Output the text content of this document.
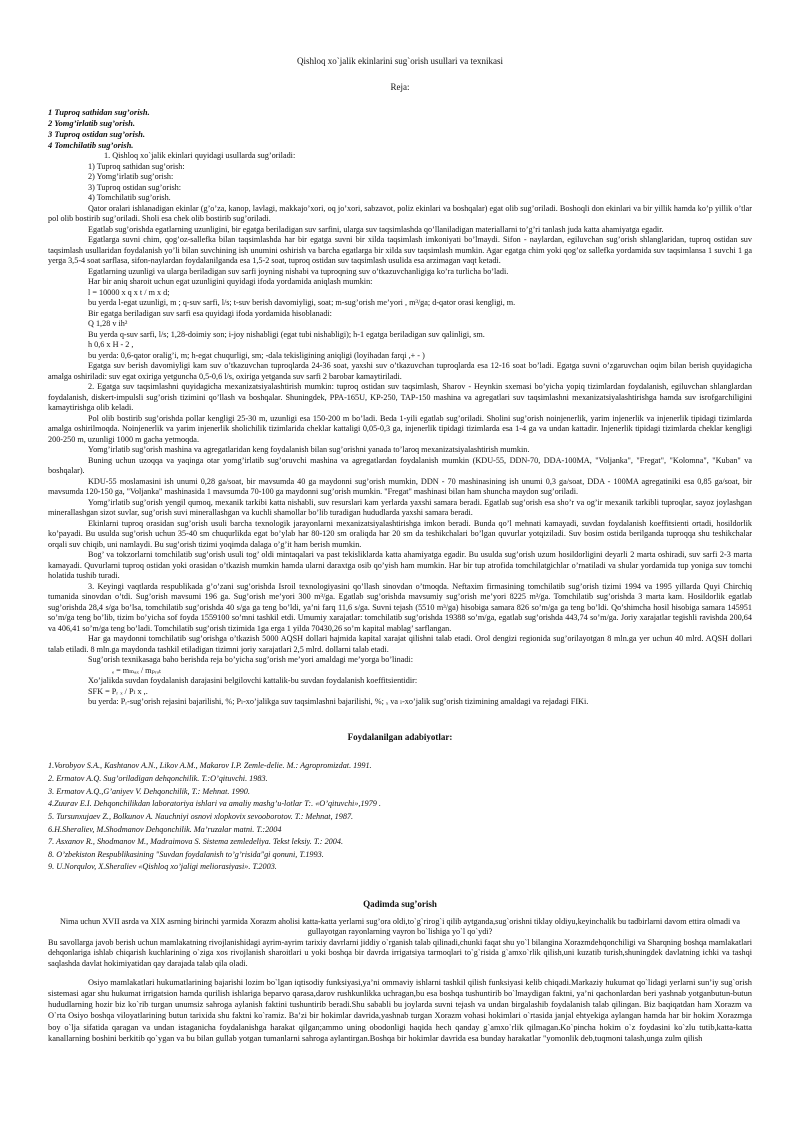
Qishloq xo`jalik ekinlarini sug`orish usullari va texnikasi
Reja:
1 Tuproq sathidan sug’orish.
2 Yomg’irlatib sug’orish.
3 Tuproq ostidan sug’orish.
4 Tomchilatib sug’orish.

1. Qishloq xo`jalik ekinlari quyidagi usullarda sug’oriladi:

1) Tuproq sathidan sug’orish:

2) Yomg’irlatib sug’orish:

3) Tuproq ostidan sug’orish:

4) Tomchilatib sug’orish.

Qator oralari ishlanadigan ekinlar (g’o’za, kanop, lavlagi, makkajo’xori, oq jo’xori, sabzavot, poliz ekinlari va boshqalar) egat olib sug’oriladi. Boshoqli don ekinlari va bir yillik hamda ko’p yillik o’tlar pol olib bostirib sug’oriladi. Sholi esa chek olib bostirib sug’oriladi.

Egatlab sug’orishda egatlarning uzunligini, bir egatga beriladigan suv sarfini, ularga suv taqsimlashda qo’llaniladigan materiallarni to’g’ri tanlash juda katta ahamiyatga egadir.

Egatlarga suvni chim, qog’oz-sallefka bilan taqsimlashda har bir egatga suvni bir xilda taqsimlash imkoniyati bo’lmaydi. Sifon - naylardan, egiluvchan sug’orish shlanglaridan, tuproq ostidan suv taqsimlash usullaridan foydalanish yo’li bilan suvchining ish unumini oshirish va barcha egatlarga bir xilda suv taqsimlash mumkin. Agar egatga chim yoki qog’oz sallefka yordamida suv taqsimlansa 1 suvchi 1 ga yerga 3,5-4 soat sarflasa, sifon-naylardan foydalanilganda esa 1,5-2 soat, tuproq ostidan suv taqsimlash usulida esa arzimagan vaqt ketadi.

Egatlarning uzunligi va ularga beriladigan suv sarfi joyning nishabi va tuproqning suv o’tkazuvchanligiga ko’ra turlicha bo’ladi.

Har bir aniq sharoit uchun egat uzunligini quyidagi ifoda yordamida aniqlash mumkin:

l = 10000 x q x t / m x d;

bu yerda l-egat uzunligi, m ; q-suv sarfi, l/s; t-suv berish davomiyligi, soat; m-sug’orish me’yori , m³/ga; d-qator orasi kengligi, m.

Bir egatga beriladigan suv sarfi esa quyidagi ifoda yordamida hisoblanadi:

Q 1,28 v ih²

Bu yerda q-suv sarfi, l/s; 1,28-doimiy son; i-joy nishabligi (egat tubi nishabligi); h-1 egatga beriladigan suv qalinligi, sm.

h 0,6 x H - 2 ,

bu yerda: 0,6-qator oralig’i, m; h-egat chuqurligi, sm; -dala tekisligining aniqligi (loyihadan farqi ,+ - )

Egatga suv berish davomiyligi kam suv o’tkazuvchan tuproqlarda 24-36 soat, yaxshi suv o’tkazuvchan tuproqlarda esa 12-16 soat bo’ladi. Egatga suvni o’zgaruvchan oqim bilan berish quyidagicha amalga oshiriladi: suv egat oxiriga yetguncha 0,5-0,6 l/s, oxiriga yetganda suv sarfi 2 barobar kamaytiriladi.

2. Egatga suv taqsimlashni quyidagicha mexanizatsiyalashtirish mumkin: tuproq ostidan suv taqsimlash, Sharov - Heynkin sxemasi bo’yicha yopiq tizimlardan foydalanish, egiluvchan shlanglardan foydalanish, diskert-impulsli sug’orish tizimini qo’llash va boshqalar. Shuningdek, PPA-165U, KP-250, TAP-150 mashina va agregatlari suv taqsimlashni mexanizatsiyalashtirishga hamda suv isrofgarchiligini kamaytirishga olib keladi.

Pol olib bostirib sug’orishda pollar kengligi 25-30 m, uzunligi esa 150-200 m bo’ladi. Beda 1-yili egatlab sug’oriladi. Sholini sug’orish noinjenerlik, yarim injenerlik va injenerlik tipidagi tizimlarda amalga oshirilmoqda. Noinjenerlik va yarim injenerlik sholichilik tizimlarida cheklar kattaligi 0,05-0,3 ga, injenerlik tipidagi tizimlarda esa 1-4 ga va undan kattadir. Injenerlik tipidagi tizimlarda cheklar kengligi 200-250 m, uzunligi 1000 m gacha yetmoqda.

Yomg’irlatib sug’orish mashina va agregatlaridan keng foydalanish bilan sug’orishni yanada to’laroq mexanizatsiyalashtirish mumkin.

Buning uchun uzoqqa va yaqinga otar yomg’irlatib sug’oruvchi mashina va agregatlardan foydalanish mumkin (KDU-55, DDN-70, DDA-100MA, "Voljanka", "Fregat", "Kolomna", "Kuban" va boshqalar).

KDU-55 moslamasini ish unumi 0,28 ga/soat, bir mavsumda 40 ga maydonni sug’orish mumkin, DDN - 70 mashinasining ish unumi 0,3 ga/soat, DDA - 100MA agregatiniki esa 0,85 ga/soat, bir mavsumda 120-150 ga, "Voljanka" mashinasida 1 mavsumda 70-100 ga maydonni sug’orish mumkin. "Fregat" mashinasi bilan ham shuncha maydon sug’oriladi.

Yomg’irlatib sug’orish yengil qumoq, mexanik tarkibi katta nishabli, suv resurslari kam yerlarda yaxshi samara beradi. Egatlab sug’orish esa sho’r va og’ir mexanik tarkibli tuproqlar, sayoz joylashgan minerallashgan sizot suvlar, sug’orish suvi minerallashgan va kuchli shamollar bo’lib turadigan hududlarda yaxshi samara beradi.

Ekinlarni tuproq orasidan sug’orish usuli barcha texnologik jarayonlarni mexanizatsiyalashtirishga imkon beradi. Bunda qo’l mehnati kamayadi, suvdan foydalanish koeffitsienti ortadi, hosildorlik ko’payadi. Bu usulda sug’orish uchun 35-40 sm chuqurlikda egat bo’ylab har 80-120 sm oraliqda har 20 sm da teshikchalari bo’lgan quvurlar yotqiziladi. Suv bosim ostida berilganda tuproqqa shu teshikchalar orqali suv chiqib, uni namlaydi. Bu sug’orish tizimi yoqimda dalaga o’g’it ham berish mumkin.

Bog’ va tokzorlarni tomchilatib sug’orish usuli tog’ oldi mintaqalari va past tekisliklarda katta ahamiyatga egadir. Bu usulda sug’orish uzum hosildorligini deyarli 2 marta oshiradi, suv sarfi 2-3 marta kamayadi. Quvurlarni tuproq ostidan yoki orasidan o’tkazish mumkin hamda ularni daraxtga osib qo’yish ham mumkin. Har bir tup atrofida tomchilatgichlar o’rnatiladi va shular yordamida tup yoniga suv tomchi holatida tushib turadi.

3. Keyingi vaqtlarda respublikada g’o’zani sug’orishda Isroil texnologiyasini qo’llash sinovdan o’tmoqda. Neftaxim firmasining tomchilatib sug’orish tizimi 1994 va 1995 yillarda Quyi Chirchiq tumanida sinovdan o’tdi. Sug’orish mavsumi 196 ga. Sug’orish me’yori 300 m³/ga. Egatlab sug’orishda mavsumiy sug’orish me’yori 8225 m³/ga. Tomchilatib sug’orishda 3 marta kam. Hosildorlik egatlab sug’orishda 28,4 s/ga bo’lsa, tomchilatib sug’orishda 40 s/ga ga teng bo’ldi, ya’ni farq 11,6 s/ga. Suvni tejash (5510 m³/ga) hisobiga samara 826 so’m/ga ga teng bo’ldi. Qo’shimcha hosil hisobiga samara 145951 so’m/ga teng bo’lib, tizim bo’yicha sof foyda 1559100 so’mni tashkil etdi. Umumiy xarajatlar: tomchilatib sug’orishda 19388 so’m/ga, egatlab sug’orishda 443,74 so’m/ga. Joriy xarajatlar tegishli ravishda 200,64 va 406,41 so’m/ga teng bo’ladi. Tomchilatib sug’orish tizimida 1ga erga 1 yilda 70430,26 so’m kapital mablag’ sarflangan.

Har ga maydonni tomchilatib sug’orishga o’tkazish 5000 AQSH dollari hajmida kapital xarajat qilishni talab etadi. Orol dengizi regionida sug’orilayotgan 8 mln.ga yer uchun 40 mlrd. AQSH dollari talab etiladi. 8 mln.ga maydonda tashkil etiladigan tizimni joriy xarajatlari 2,5 mlrd. dollarni talab etadi.

Sug’orish texnikasaga baho berishda reja bo’yicha sug’orish me’yori amaldagi me’yorga bo’linadi:

ₑ = mₘₐₓ / mₚᵣₒₜ

Xo’jalikda suvdan foydalanish darajasini belgilovchi kattalik-bu suvdan foydalanish koeffitsientidir:

SFK = Pᵣ ₓ / Pₗ x ,.

bu yerda: Pᵣ-sug’orish rejasini bajarilishi, %; Pₗ-xo’jalikga suv taqsimlashni bajarilishi, %; ₓ va ₗ-xo’jalik sug’orish tizimining amaldagi va rejadagi FIKi.

Foydalanilgan adabiyotlar:
1.Vorobyov S.A., Kashtanov A.N., Likov A.M., Makarov I.P. Zemle-delie. M.: Agropromizdat. 1991.
2. Ermatov A.Q. Sug’oriladigan dehqonchilik. T.:O’qituvchi. 1983.
3. Ermatov A.Q.,G’aniyev V. Dehqonchilik, T.: Mehnat. 1990.
4.Zuurav E.I. Dehqonchilikdan laboratoriya ishlari va amaliy mashg’u-lotlar T:. «O’qituvchi»,1979 .
5. Tursunxujaev Z., Bolkunov A. Nauchniyi osnovi xlopkovix sevooborotov. T.: Mehnat, 1987.
6.H.Sheraliev, M.Shodmanov Dehqonchilik. Ma’ruzalar matni. T.:2004
7. Asxanov R., Shodmanov M., Madraimova S. Sistema zemledeliya. Tekst leksiy. T.: 2004.
8. O’zbekiston Respublikasining "Suvdan foydalanish to’g’risida"gi qonuni, T.1993.
9. U.Norqulov, X.Sheraliev «Qishloq xo’jaligi meliorasiyasi». T.2003.
Qadimda sug’orish

Nima uchun XVII asrda va XIX asrning birinchi yarmida Xorazm aholisi katta-katta yerlarni sug’ora oldi,to`g`rirog`i qilib aytganda,sug`orishni tiklay oldiyu,keyinchalik bu tadbirlarni davom ettira olmadi va gullayotgan rayonlarning vayron bo`lishiga yo`l qo`ydi?

Bu savollarga javob berish uchun mamlakatning rivojlanishidagi ayrim-ayrim tarixiy davrlarni jiddiy o`rganish talab qilinadi,chunki faqat shu yo`l bilangina Xorazmdehqonchiligi va Sharqning boshqa mamlakatlari dehqonlariga ishlab chiqarish kuchlarining o`ziga xos rivojlanish sharoitlari u yoki boshqa bir davrda irrigatsiya tarmoqlari to`g`risida g`amxo`rlik qilish,uni kuzatib turish,shuningdek davlatning ichki va tashqi saqlashda davlat hokimiyatidan qay darajada talab qila oladi.

Osiyo mamlakatlari hukumatlarining bajarishi lozim bo`lgan iqtisodiy funksiyasi,ya’ni ommaviy ishlarni tashkil qilish funksiyasi kelib chiqadi.Markaziy hukumat qo`lidagi yerlarni sun’iy sug`orish sistemasi agar shu hukumat irrigatsion hamda qurilish ishlariga beparvo qarasa,darov rushkunlikka uchragan,bu esa boshqa tushuntirib bo`lmaydigan faktni, ya’ni qachonlardan beri yashnab yotganbutun-butun hududlarning hozir biz ko`rib turgan unumsiz sahroga aylanish faktini tushuntirib beradi.Shu sababli bu joylarda suvni tejash va undan birgalashib foydalanish talab qilingan. Biz baqiqatdan ham Xorazm va O`rta Osiyo boshqa viloyatlarining butun tarixida shu faktni ko`ramiz. Ba’zi bir hokimlar davrida,yashnab turgan Xorazm vohasi hokimlari o`rtasida janjal ehtyekiga aylangan hamda har bir hokim Xorazmga boy o`lja sifatida qaragan va undan istaganicha foydalanishga harakat qilgan;ammo uning obodonligi haqida hech qanday g`amxo`rlik qilmagan.Ko`pincha hokim o`z foydasini ko`zlu tutib,katta-katta kanallarning boshini berkitib qo`ygan va bu bilan gullab yotgan tumanlarni sahroga aylantirgan.Boshqa bir hokimlar davrida esa bunday harakatlar "yomonlik deb,tuqmoni talash,unga zulm qilish
